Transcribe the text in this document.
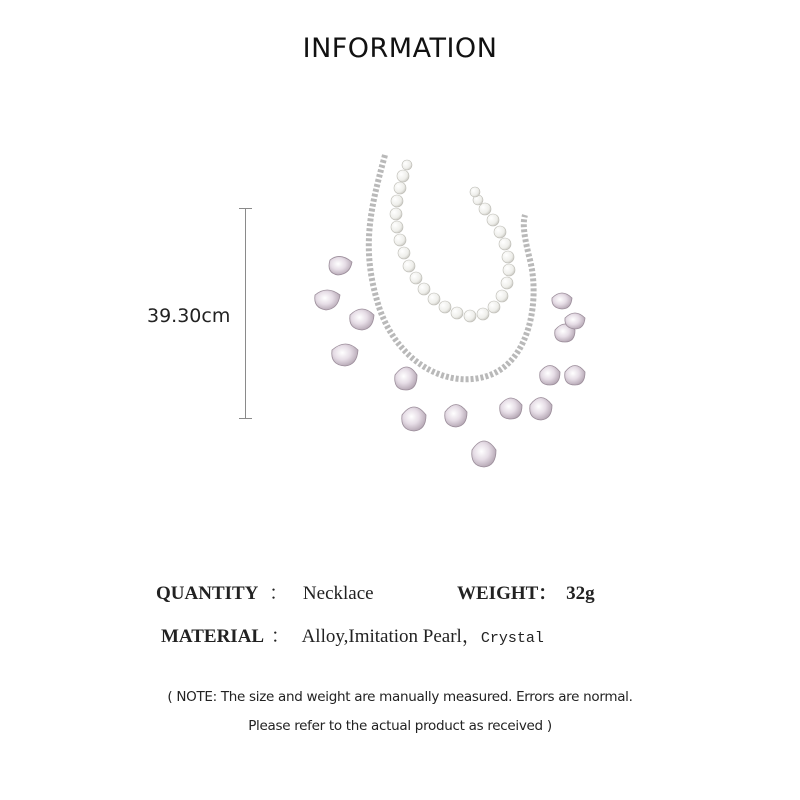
INFORMATION
39.30cm
QUANTITY ： Necklace	WEIGHT： 32g
MATERIAL ： Alloy,Imitation Pearl，Crystal
( NOTE: The size and weight are manually measured. Errors are normal.
Please refer to the actual product as received )
